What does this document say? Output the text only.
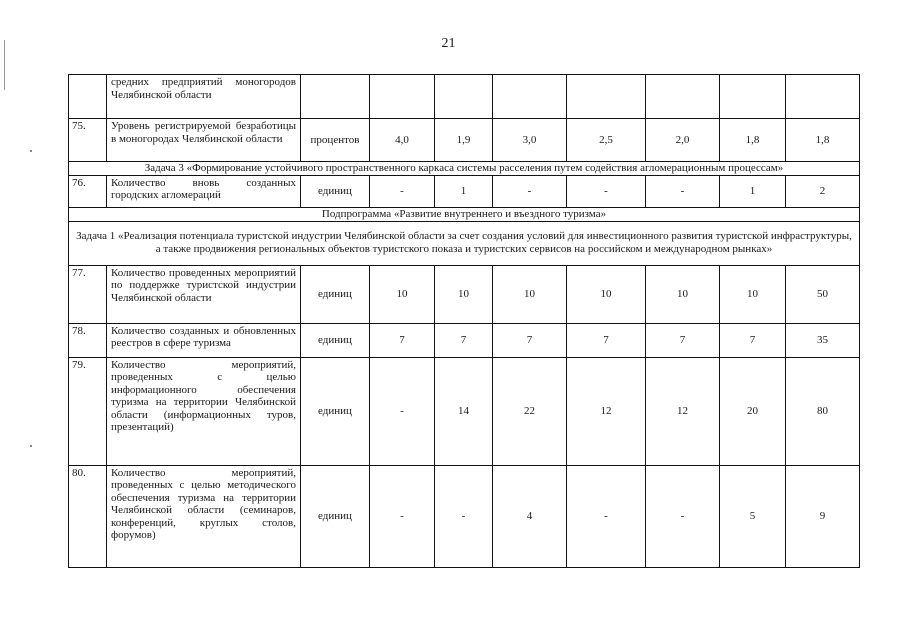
21
	средних предприятий моногородов Челябинской области								
75.	Уровень регистрируемой безработицы в моногородах Челябинской области	процентов	4,0	1,9	3,0	2,5	2,0	1,8	1,8
Задача 3 «Формирование устойчивого пространственного каркаса системы расселения путем содействия агломерационным процессам»									
76.	Количество вновь созданных городских агломераций	единиц	-	1	-	-	-	1	2
Подпрограмма «Развитие внутреннего и въездного туризма»									
Задача 1 «Реализация потенциала туристской индустрии Челябинской области за счет создания условий для инвестиционного развития туристской инфраструктуры, а также продвижения региональных объектов туристского показа и туристских сервисов на российском и международном рынках»									
77.	Количество проведенных мероприятий по поддержке туристской индустрии Челябинской области	единиц	10	10	10	10	10	10	50
78.	Количество созданных и обновленных реестров в сфере туризма	единиц	7	7	7	7	7	7	35
79.	Количество мероприятий, проведенных с целью информационного обеспечения туризма на территории Челябинской области (информационных туров, презентаций)	единиц	-	14	22	12	12	20	80
80.	Количество мероприятий, проведенных с целью методического обеспечения туризма на территории Челябинской области (семинаров, конференций, круглых столов, форумов)	единиц	-	-	4	-	-	5	9
